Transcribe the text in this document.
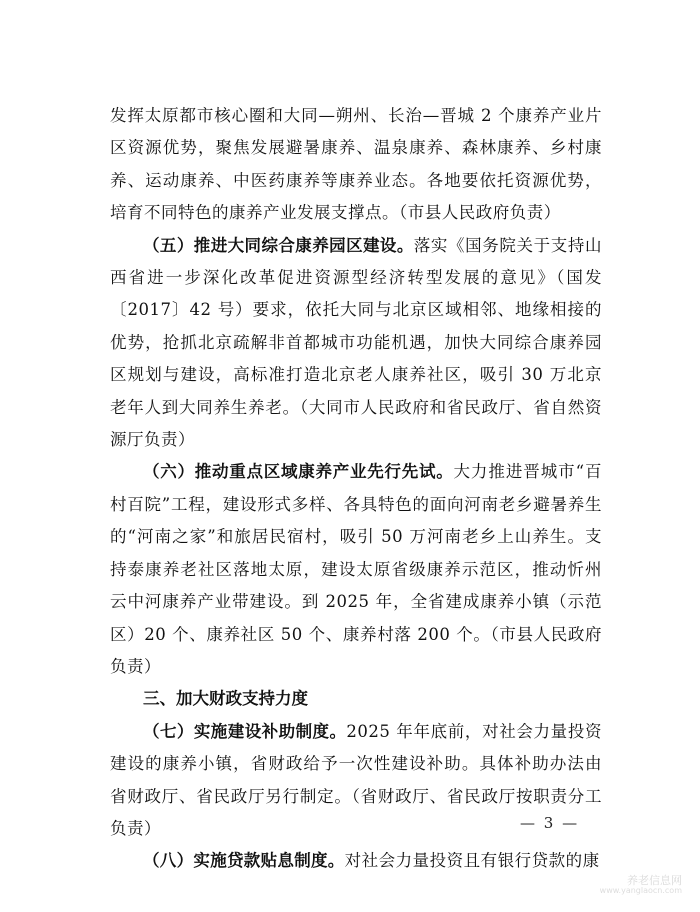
发挥太原都市核心圈和大同—朔州、长治—晋城 2 个康养产业片区资源优势，聚焦发展避暑康养、温泉康养、森林康养、乡村康养、运动康养、中医药康养等康养业态。各地要依托资源优势，培育不同特色的康养产业发展支撑点。（市县人民政府负责）

（五）推进大同综合康养园区建设。落实《国务院关于支持山西省进一步深化改革促进资源型经济转型发展的意见》（国发〔2017〕42 号）要求，依托大同与北京区域相邻、地缘相接的优势，抢抓北京疏解非首都城市功能机遇，加快大同综合康养园区规划与建设，高标准打造北京老人康养社区，吸引 30 万北京老年人到大同养生养老。（大同市人民政府和省民政厅、省自然资源厅负责）

（六）推动重点区域康养产业先行先试。大力推进晋城市“百村百院”工程，建设形式多样、各具特色的面向河南老乡避暑养生的“河南之家”和旅居民宿村，吸引 50 万河南老乡上山养生。支持泰康养老社区落地太原，建设太原省级康养示范区，推动忻州云中河康养产业带建设。到 2025 年，全省建成康养小镇（示范区）20 个、康养社区 50 个、康养村落 200 个。（市县人民政府负责）

三、加大财政支持力度

（七）实施建设补助制度。2025 年年底前，对社会力量投资建设的康养小镇，省财政给予一次性建设补助。具体补助办法由省财政厅、省民政厅另行制定。（省财政厅、省民政厅按职责分工负责）

（八）实施贷款贴息制度。对社会力量投资且有银行贷款的康

— 3 —
养老信息网
www.yanglaocn.com
